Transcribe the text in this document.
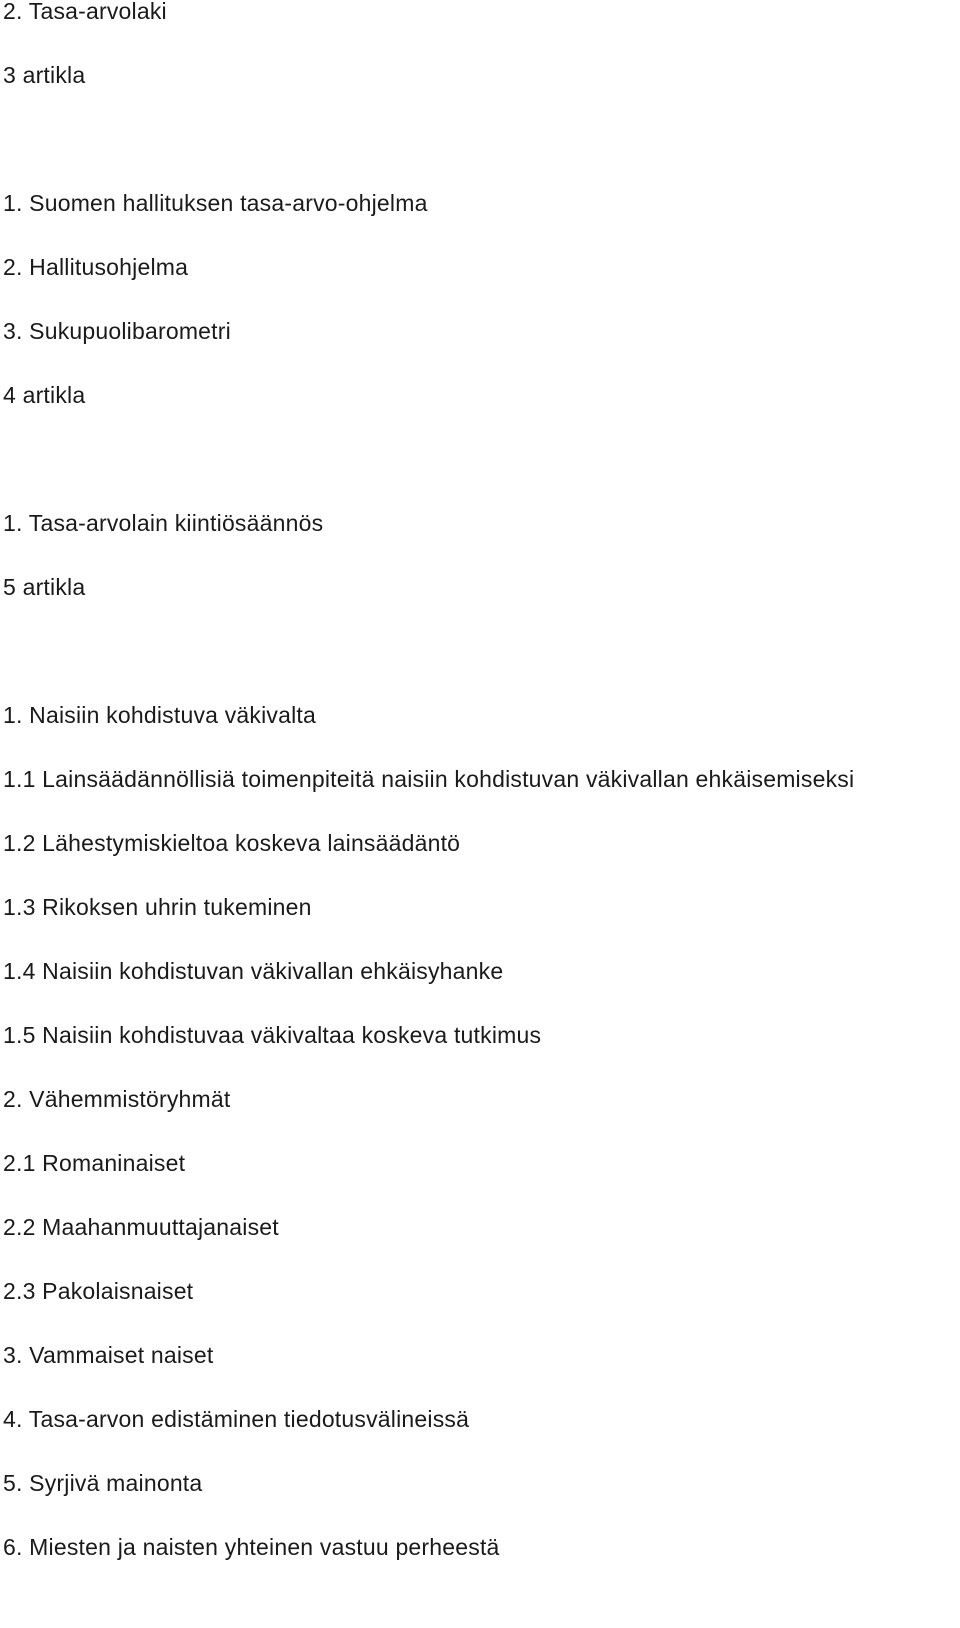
2. Tasa-arvolaki
3 artikla
1. Suomen hallituksen tasa-arvo-ohjelma
2. Hallitusohjelma
3. Sukupuolibarometri
4 artikla
1. Tasa-arvolain kiintiösäännös
5 artikla
1. Naisiin kohdistuva väkivalta
1.1 Lainsäädännöllisiä toimenpiteitä naisiin kohdistuvan väkivallan ehkäisemiseksi
1.2 Lähestymiskieltoa koskeva lainsäädäntö
1.3 Rikoksen uhrin tukeminen
1.4 Naisiin kohdistuvan väkivallan ehkäisyhanke
1.5 Naisiin kohdistuvaa väkivaltaa koskeva tutkimus
2. Vähemmistöryhmät
2.1 Romaninaiset
2.2 Maahanmuuttajanaiset
2.3 Pakolaisnaiset
3. Vammaiset naiset
4. Tasa-arvon edistäminen tiedotusvälineissä
5. Syrjivä mainonta
6. Miesten ja naisten yhteinen vastuu perheestä
